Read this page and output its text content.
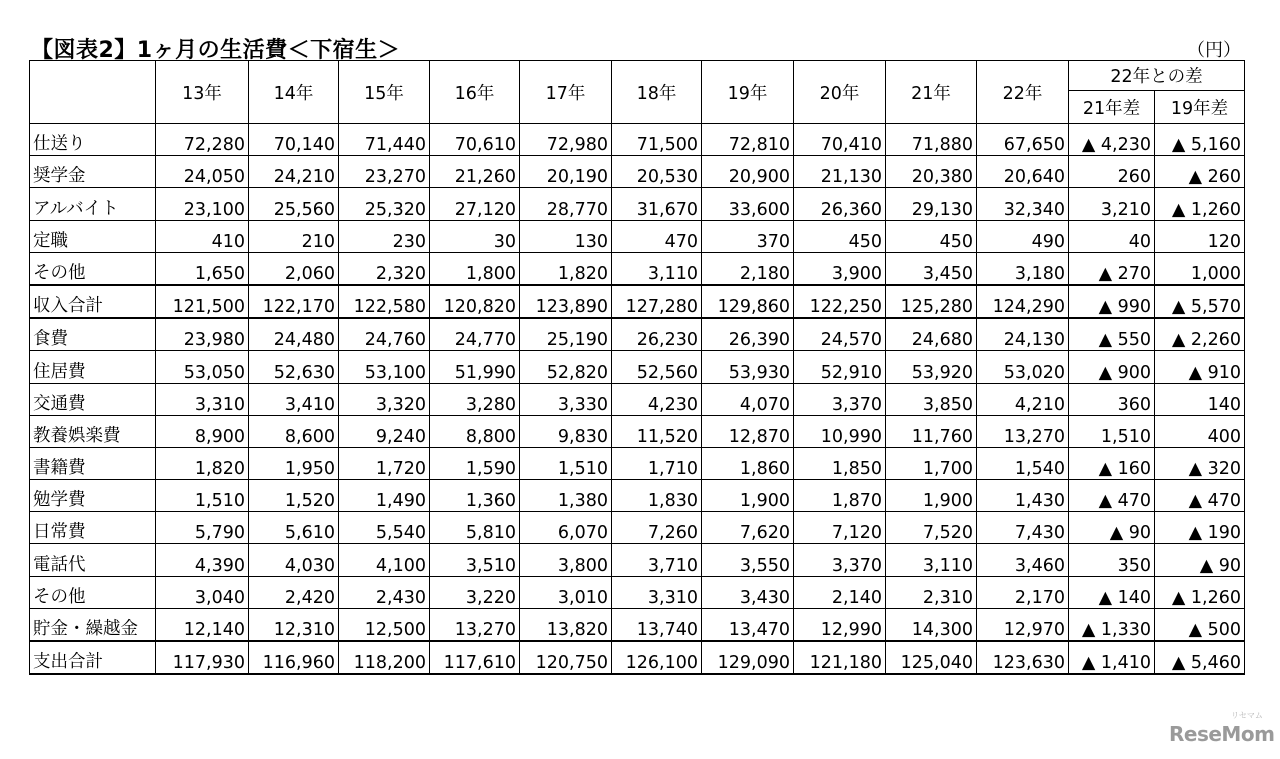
【図表2】1ヶ月の生活費＜下宿生＞	（円）
	13年	14年	15年	16年	17年	18年	19年	20年	21年	22年	22年との差	
											21年差	19年差
仕送り	72,280	70,140	71,440	70,610	72,980	71,500	72,810	70,410	71,880	67,650	▲ 4,230	▲ 5,160
奨学金	24,050	24,210	23,270	21,260	20,190	20,530	20,900	21,130	20,380	20,640	260	▲ 260
アルバイト	23,100	25,560	25,320	27,120	28,770	31,670	33,600	26,360	29,130	32,340	3,210	▲ 1,260
定職	410	210	230	30	130	470	370	450	450	490	40	120
その他	1,650	2,060	2,320	1,800	1,820	3,110	2,180	3,900	3,450	3,180	▲ 270	1,000
収入合計	121,500	122,170	122,580	120,820	123,890	127,280	129,860	122,250	125,280	124,290	▲ 990	▲ 5,570
食費	23,980	24,480	24,760	24,770	25,190	26,230	26,390	24,570	24,680	24,130	▲ 550	▲ 2,260
住居費	53,050	52,630	53,100	51,990	52,820	52,560	53,930	52,910	53,920	53,020	▲ 900	▲ 910
交通費	3,310	3,410	3,320	3,280	3,330	4,230	4,070	3,370	3,850	4,210	360	140
教養娯楽費	8,900	8,600	9,240	8,800	9,830	11,520	12,870	10,990	11,760	13,270	1,510	400
書籍費	1,820	1,950	1,720	1,590	1,510	1,710	1,860	1,850	1,700	1,540	▲ 160	▲ 320
勉学費	1,510	1,520	1,490	1,360	1,380	1,830	1,900	1,870	1,900	1,430	▲ 470	▲ 470
日常費	5,790	5,610	5,540	5,810	6,070	7,260	7,620	7,120	7,520	7,430	▲ 90	▲ 190
電話代	4,390	4,030	4,100	3,510	3,800	3,710	3,550	3,370	3,110	3,460	350	▲ 90
その他	3,040	2,420	2,430	3,220	3,010	3,310	3,430	2,140	2,310	2,170	▲ 140	▲ 1,260
貯金・繰越金	12,140	12,310	12,500	13,270	13,820	13,740	13,470	12,990	14,300	12,970	▲ 1,330	▲ 500
支出合計	117,930	116,960	118,200	117,610	120,750	126,100	129,090	121,180	125,040	123,630	▲ 1,410	▲ 5,460
リセマム
ReseMom
